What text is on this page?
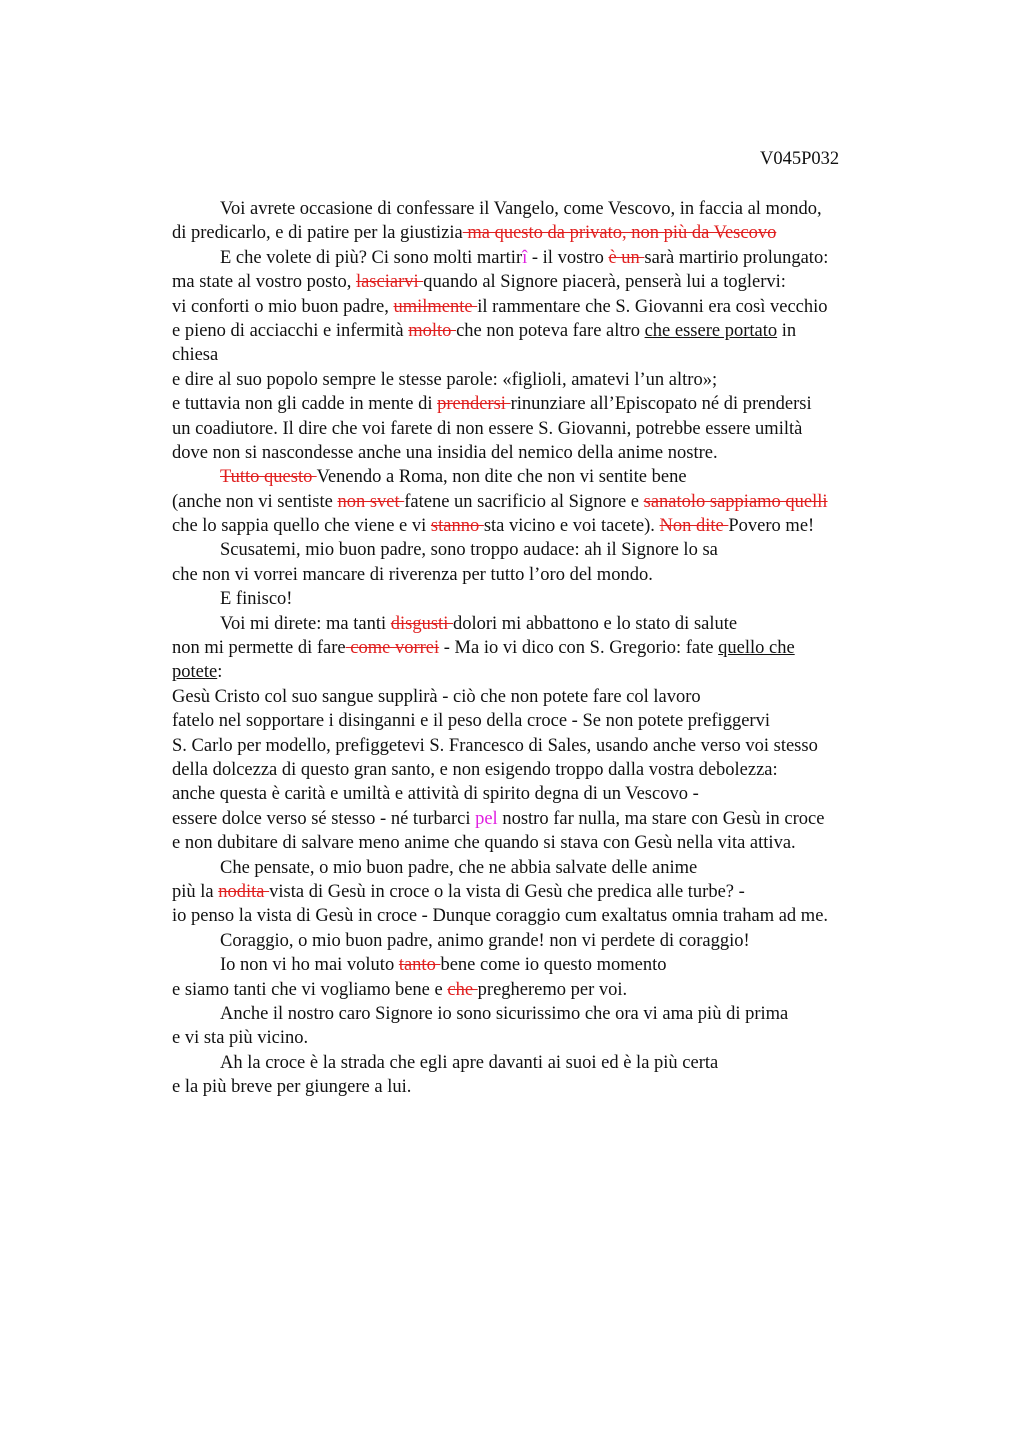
V045P032
Voi avrete occasione di confessare il Vangelo, come Vescovo, in faccia al mondo,
di predicarlo, e di patire per la giustizia ma questo da privato, non più da Vescovo
E che volete di più? Ci sono molti martirî - il vostro è un sarà martirio prolungato:
ma state al vostro posto, lasciarvi quando al Signore piacerà, penserà lui a toglervi:
vi conforti o mio buon padre, umilmente il rammentare che S. Giovanni era così vecchio
e pieno di acciacchi e infermità molto che non poteva fare altro che essere portato in
chiesa
e dire al suo popolo sempre le stesse parole: «figlioli, amatevi l’un altro»;
e tuttavia non gli cadde in mente di prendersi rinunziare all’Episcopato né di prendersi
un coadiutore. Il dire che voi farete di non essere S. Giovanni, potrebbe essere umiltà
dove non si nascondesse anche una insidia del nemico della anime nostre.
Tutto questo Venendo a Roma, non dite che non vi sentite bene
(anche non vi sentiste non svet fatene un sacrificio al Signore e sanatolo sappiamo quelli
che lo sappia quello che viene e vi stanno sta vicino e voi tacete). Non dite Povero me!
Scusatemi, mio buon padre, sono troppo audace: ah il Signore lo sa
che non vi vorrei mancare di riverenza per tutto l’oro del mondo.
E finisco!
Voi mi direte: ma tanti disgusti dolori mi abbattono e lo stato di salute
non mi permette di fare come vorrei - Ma io vi dico con S. Gregorio: fate quello che
potete:
Gesù Cristo col suo sangue supplirà - ciò che non potete fare col lavoro
fatelo nel sopportare i disinganni e il peso della croce - Se non potete prefiggervi
S. Carlo per modello, prefiggetevi S. Francesco di Sales, usando anche verso voi stesso
della dolcezza di questo gran santo, e non esigendo troppo dalla vostra debolezza:
anche questa è carità e umiltà e attività di spirito degna di un Vescovo -
essere dolce verso sé stesso - né turbarci pel nostro far nulla, ma stare con Gesù in croce
e non dubitare di salvare meno anime che quando si stava con Gesù nella vita attiva.
Che pensate, o mio buon padre, che ne abbia salvate delle anime
più la nodita vista di Gesù in croce o la vista di Gesù che predica alle turbe? -
io penso la vista di Gesù in croce - Dunque coraggio cum exaltatus omnia traham ad me.
Coraggio, o mio buon padre, animo grande! non vi perdete di coraggio!
Io non vi ho mai voluto tanto bene come io questo momento
e siamo tanti che vi vogliamo bene e che pregheremo per voi.
Anche il nostro caro Signore io sono sicurissimo che ora vi ama più di prima
e vi sta più vicino.
Ah la croce è la strada che egli apre davanti ai suoi ed è la più certa
e la più breve per giungere a lui.
